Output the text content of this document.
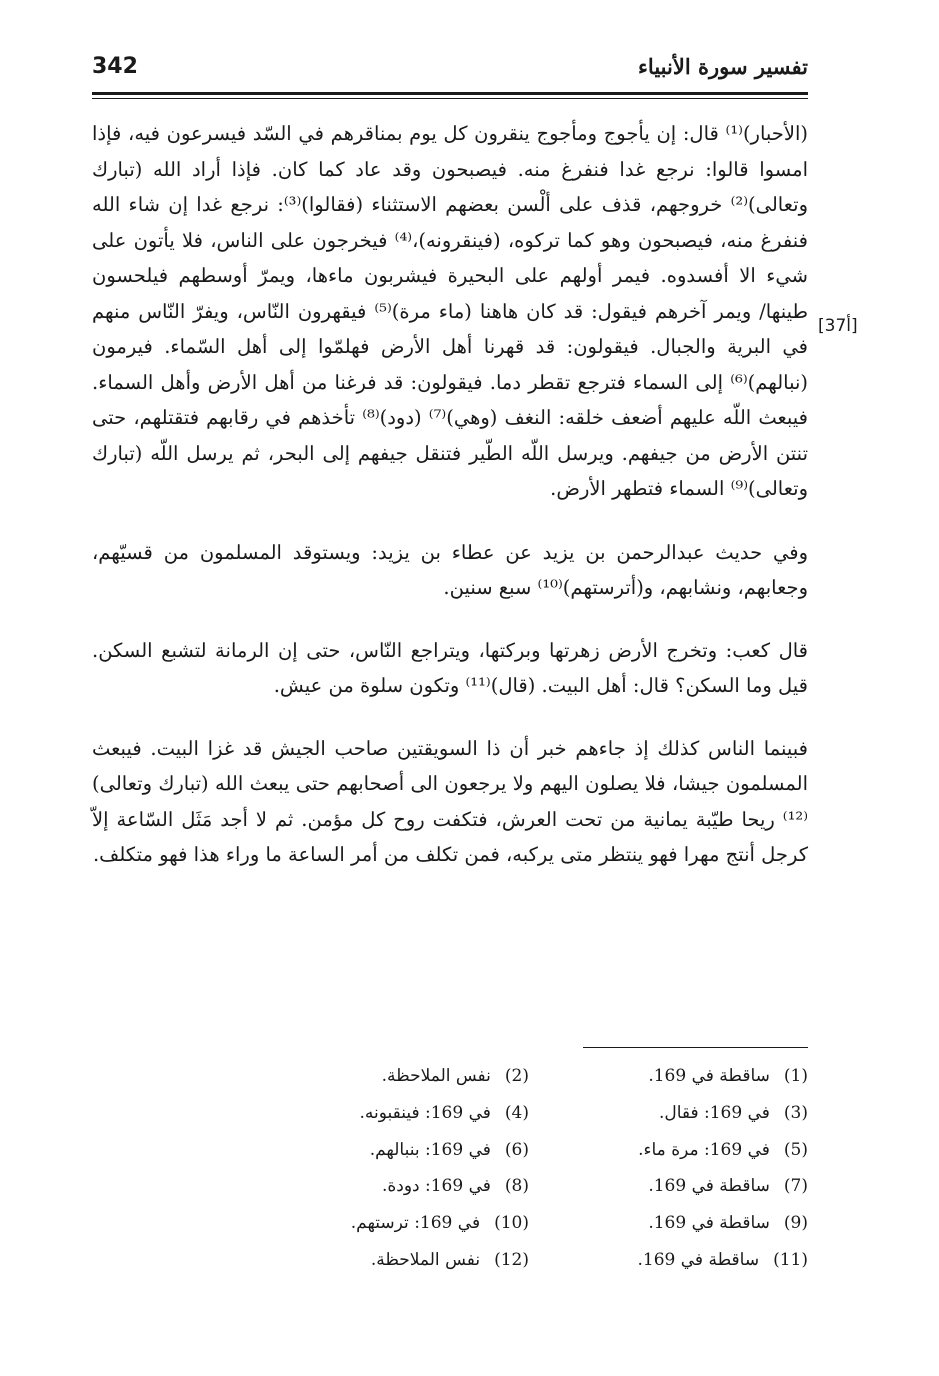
342	تفسير سورة الأنبياء
[37أ]

(الأحبار)⁽¹⁾ قال: إن يأجوج ومأجوج ينقرون كل يوم بمناقرهم في السّد فيسرعون فيه، فإذا امسوا قالوا: نرجع غدا فنفرغ منه. فيصبحون وقد عاد كما كان. فإذا أراد الله (تبارك وتعالى)⁽²⁾ خروجهم، قذف على ألْسن بعضهم الاستثناء (فقالوا)⁽³⁾: نرجع غدا إن شاء الله فنفرغ منه، فيصبحون وهو كما تركوه، (فينقرونه)،⁽⁴⁾ فيخرجون على الناس، فلا يأتون على شيء الا أفسدوه. فيمر أولهم على البحيرة فيشربون ماءها، ويمرّ أوسطهم فيلحسون طينها/ ويمر آخرهم فيقول: قد كان هاهنا (ماء مرة)⁽⁵⁾ فيقهرون النّاس، ويفرّ النّاس منهم في البرية والجبال. فيقولون: قد قهرنا أهل الأرض فهلمّوا إلى أهل السّماء. فيرمون (نبالهم)⁽⁶⁾ إلى السماء فترجع تقطر دما. فيقولون: قد فرغنا من أهل الأرض وأهل السماء. فيبعث اللّه عليهم أضعف خلقه: النغف (وهي)⁽⁷⁾ (دود)⁽⁸⁾ تأخذهم في رقابهم فتقتلهم، حتى تنتن الأرض من جيفهم. ويرسل اللّه الطّير فتنقل جيفهم إلى البحر، ثم يرسل اللّه (تبارك وتعالى)⁽⁹⁾ السماء فتطهر الأرض.

وفي حديث عبدالرحمن بن يزيد عن عطاء بن يزيد: ويستوقد المسلمون من قسيّهم، وجعابهم، ونشابهم، و(أترستهم)⁽¹⁰⁾ سبع سنين.

قال كعب: وتخرج الأرض زهرتها وبركتها، ويتراجع النّاس، حتى إن الرمانة لتشبع السكن. قيل وما السكن؟ قال: أهل البيت. (قال)⁽¹¹⁾ وتكون سلوة من عيش.

فبينما الناس كذلك إذ جاءهم خبر أن ذا السويقتين صاحب الجيش قد غزا البيت. فيبعث المسلمون جيشا، فلا يصلون اليهم ولا يرجعون الى أصحابهم حتى يبعث الله (تبارك وتعالى)⁽¹²⁾ ريحا طيّبة يمانية من تحت العرش، فتكفت روح كل مؤمن. ثم لا أجد مَثَل السّاعة إلاّ كرجل أنتج مهرا فهو ينتظر متى يركبه، فمن تكلف من أمر الساعة ما وراء هذا فهو متكلف.

(1)ساقطة في 169.
(2)نفس الملاحظة.
(3)في 169: فقال.
(4)في 169: فينقبونه.
(5)في 169: مرة ماء.
(6)في 169: بنبالهم.
(7)ساقطة في 169.
(8)في 169: دودة.
(9)ساقطة في 169.
(10)في 169: ترستهم.
(11)ساقطة في 169.
(12)نفس الملاحظة.
